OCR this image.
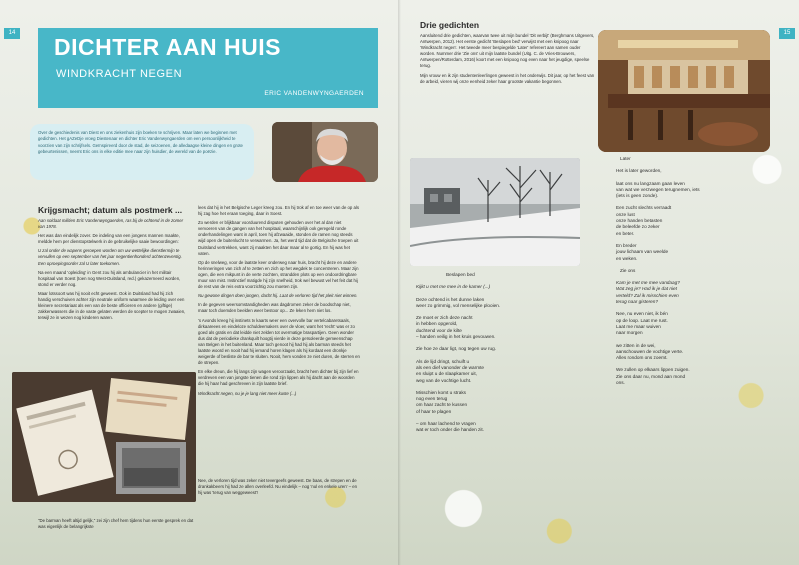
14
DICHTER AAN HUIS
WINDKRACHT NEGEN
ERIC VANDENWYNGAERDEN
Over de geschiedenis van Diest en ons ziekenhuis zijn boeken te schrijven. Maar laten we beginnen met gedichten. Het gAZeDje vroeg Diestenaar en dichter Eric Vandenwyngaerden om een persoonlijkheid te voorzien van zijn schrijfsels. Geïnspireerd door de stad, de seizoenen, de alledaagse kleine dingen en grote gebeurtenissen, neemt Eric ons in elke editie mee naar zijn huisdier, de wereld van de poëzie.
Krijgsmacht; datum als postmerk ...

Aan soldaat militien Eric Vandenwyngaerden, ras bij de ochtend in de zomer van 1978.

Het was dan eindelijk zover. De indeling van een jongens mannen maakte, meldde hem per dienstopstelwerk in de gebruikelijke saaie bewoordingen:

U zal onder de wapens geroepen worden om uw wettelijke dienstlermijn te vervullen op een september van het jaar negentienhonderd achtenzeventig. Een oproepingsorder zal U later toekomen.

Na een maand 'opleiding' in Gent zou hij als ambulancier in het militair hospitaal van Soest (toen nog West-Duitsland, red.) gekazerneerd worden, stond er verder nog.

Maar lotssoort was hij nooit echt geweest. Ook in Duitsland had hij zich handig verschuiven achter zijn neutrale uniform waarmee de leiding over een kleinere secretariaat als een van de beste officieren en andere (giftige) zakkenwassers die in de vaste gelaten werden de scepter te mogen zwaaien, terwijl ze in wezen nog kinderen waren.

lees dat hij in het Belgische Leger kreeg zou. En hij trok af en toe weer van de op als hij zag hoe het eraan toeging, daar in Soest.

Zo werden er blijkbaar voorduurend disputen gehouden over het al dan niet vervoeren van de gangen van het hospitaal, waarschijnlijk ook geregeld ronde onderhandelingen want in april, toen hij afzwaaide, stonden de ramen nog steeds wijd open de buitenlucht te verwarmen. Ja, het werd tijd dat de Belgische troepen uit Duitsland vertrekken, want zij maakten het daar maar al te gortig. En hij was het vaten.

Op de snelweg, voor de laatste keer onderweg naar huis, bracht hij deze en andere herinneringen van zich af te zetten en zich op het wegdek te concentreren. Maar zijn ogen, die een mikpunt in de verte zochten, strandden plots op een ondoordringbare muur van mist. Instinctief matigde hij zijn snelheid, trok wel bewust vel het feit dat hij de rest van de reis extra voorzichtig zou moeten zijn.

Nu gewone dingen doen jongen, dacht hij. Laat de verloren tijd het pleit niet winnen.

In de gegeven weersomstandigheden was dagdromen zeker de boodschap niet, maar toch doemden beelden weer bestoor op... Ze leken hem niet los.

's Avonds kreeg hij instinets tv kaarts weer een overvolle bar vertelcabaretsaals, dirkaareees en eindeloze schuldeemakers over de vloer, want het 'recht' was er zo goed als gratis en dat leidde niet zelden tot overmatige braspartijen. Geen wonder dus dat de periodieke drankquilt hoogtij vierde in deze geïsoleerde gemeenschap van Belgen in het buitenland. Maar toch genoot hij had hij als barman steeds het laatste woord en nooit had hij iemand horen klagen als hij kordaat een dronkje weigerde of besliste de bar te sluiten. Nooit, hem vonden ze niet duren, de sterren en de strepen.

En elke dreun, die hij langs zijn wagen veroorzaakt, bracht hem dichter bij zijn lief en verdreven een van jongste tienen die rond zijn lippen als hij dacht aan de woorden die hij haar had geschreven in zijn laatste brief.

Windkracht negen, nu je je lang niet meer kuste (...)

Nee, de verloren tijd was zeker niet tevergeefs geweest. De baas, de strepen en de drankakbeers hij had ze allen overleefd. Nu eindelijk – nog 'nul en enkele uren' – en hij was 'terug van weggeweest'!

"De barman heeft altijd gelijk," zei zijn chef hem tijdens hun eerste gesprek en dat was eigenlijk de belangrijkste
15
Drie gedichten

Aansluitend drie gedichten, waarvan twee uit mijn bundel 'Dit verbijt' (Berghmans Uitgevers, Antwerpen, 2012). Het eerste gedicht 'Beslapen bed' verwijst met een knipoog naar 'Windkracht negen'. Het tweede meer bespiegelde 'Later' refereert aan samen ouder worden. Nummer drie 'Zie ons' uit mijn laatste bundel (Uitg. C. de Vries-Brouwers, Antwerpen/Rotterdam, 2016) koort met een knipoog nog even naar het jeugdige, speelse terug.

Mijn vrouw en ik zijn studentenleerlingen geweest in het onderwijs. Dit jaar, op het feest van de arbeid, vieren wij onze eenheid zeker haar grootste vakantie begonnen.

Beslapen bed

Kijkt u met me mee in de kamer (...)

Deze ochtend is het dunne laken
weer zo grimmig, vol menselijke plooien.

Ze moet er zich deze nacht
in hebben opgerold,
duchtend voor de kilte
– handen veilig in het kruis gevouwen.

Zie hoe ze daar ligt, nog tegen uw rug.

Als de lijd dringt, schuift u
als een dief vanonder de warmte
en sluipt u de slaapkamer uit,
weg van de vochtige lucht.

Misschien komt u straks
nog even terug
om haar zacht te kussen
of haar te plagen

– om haar lachend te vragen
wat er toch onder die handen zit.

Later

Het is later geworden,

laat ons nu langzaam gaan leven
van wat we verzwegen terugnemen, iets
(iets is geen zonde).

Een zucht slechts verraadt
onze lust
onze handen betasten
de beleefde zo zeker
en beter.

En breder
jouw lichaam van weelde
en weken.

Zie ons

Kam je met me mee vandaag?
Wat zeg je? Had ik je dat niet
verteld? Zal ik misschien even
terug naar gisteren?

Nee, nu even niet, ik bén
op de loop. Laat me rust.
Laat me maar wuiven
naar morgen

we zitten in de wei,
aanschouwen de vochtige verte.
Alles rondom ons zoemt.

We zullen op elkaars lippen zuigen.
Zie ons daar nu, mond aan mond
ons.
